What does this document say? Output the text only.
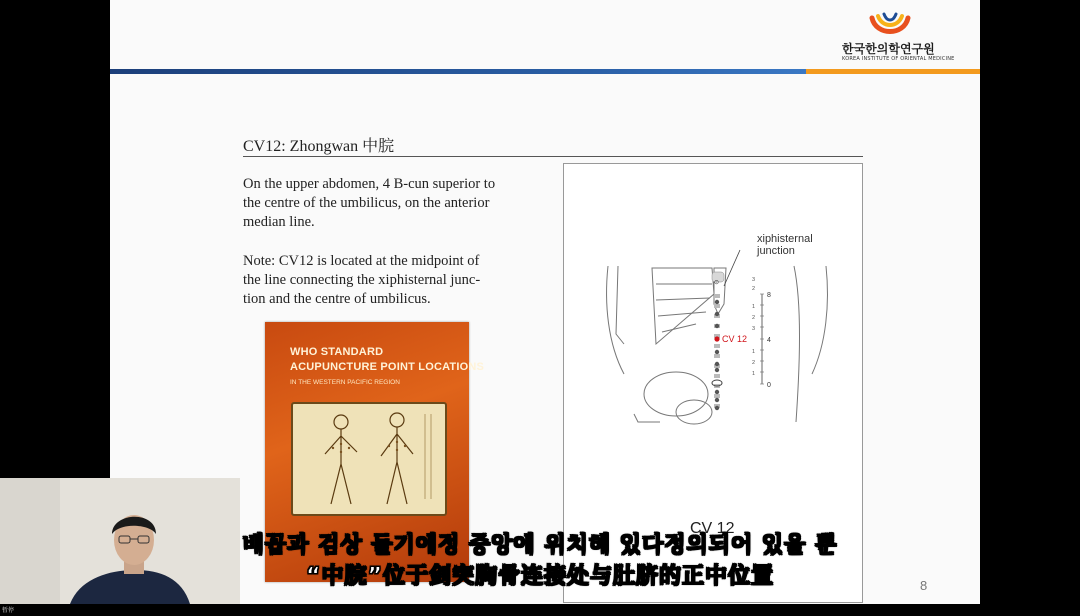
한국한의학연구원
KOREA INSTITUTE OF ORIENTAL MEDICINE
CV12: Zhongwan 中脘
On the upper abdomen, 4 B-cun superior to
the centre of the umbilicus, on the anterior
median line.
Note: CV12 is located at the midpoint of
the line connecting the xiphisternal junc-
tion and the centre of umbilicus.
WHO STANDARD
ACUPUNCTURE POINT LOCATIONS
IN THE WESTERN PACIFIC REGION
xiphisternal
junction
CV 12
8
4
0
1
2
3
1
2
1
2
3
⊙
CV 12
8
暂停
배꼽과 검상 돌기에정 중앙에 위치해 있다정의되어 있을 뿐
“中脘”位于剑突胸骨连接处与肚脐的正中位置
